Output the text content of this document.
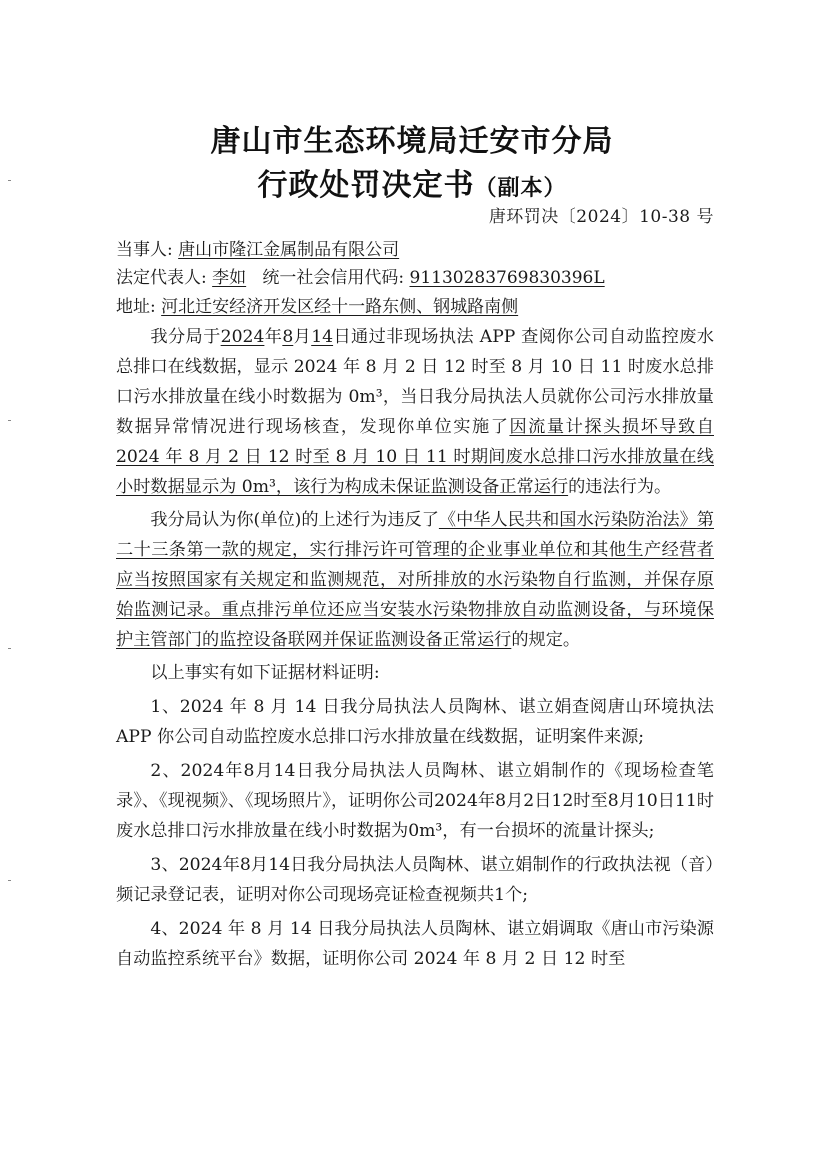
唐山市生态环境局迁安市分局
行政处罚决定书（副本）
唐环罚决〔2024〕10-38 号
当事人: 唐山市隆江金属制品有限公司
法定代表人: 李如 统一社会信用代码: 91130283769830396L
地址: 河北迁安经济开发区经十一路东侧、钢城路南侧

我分局于2024年8月14日通过非现场执法 APP 查阅你公司自动监控废水总排口在线数据，显示 2024 年 8 月 2 日 12 时至 8 月 10 日 11 时废水总排口污水排放量在线小时数据为 0m³，当日我分局执法人员就你公司污水排放量数据异常情况进行现场核查，发现你单位实施了因流量计探头损坏导致自 2024 年 8 月 2 日 12 时至 8 月 10 日 11 时期间废水总排口污水排放量在线小时数据显示为 0m³，该行为构成未保证监测设备正常运行的违法行为。

我分局认为你(单位)的上述行为违反了《中华人民共和国水污染防治法》第二十三条第一款的规定，实行排污许可管理的企业事业单位和其他生产经营者应当按照国家有关规定和监测规范，对所排放的水污染物自行监测，并保存原始监测记录。重点排污单位还应当安装水污染物排放自动监测设备，与环境保护主管部门的监控设备联网并保证监测设备正常运行的规定。

以上事实有如下证据材料证明:

1、2024 年 8 月 14 日我分局执法人员陶林、谌立娟查阅唐山环境执法 APP 你公司自动监控废水总排口污水排放量在线数据，证明案件来源;

2、2024年8月14日我分局执法人员陶林、谌立娟制作的《现场检查笔录》、《现视频》、《现场照片》，证明你公司2024年8月2日12时至8月10日11时废水总排口污水排放量在线小时数据为0m³，有一台损坏的流量计探头;

3、2024年8月14日我分局执法人员陶林、谌立娟制作的行政执法视（音）频记录登记表，证明对你公司现场亮证检查视频共1个;

4、2024 年 8 月 14 日我分局执法人员陶林、谌立娟调取《唐山市污染源自动监控系统平台》数据，证明你公司 2024 年 8 月 2 日 12 时至
